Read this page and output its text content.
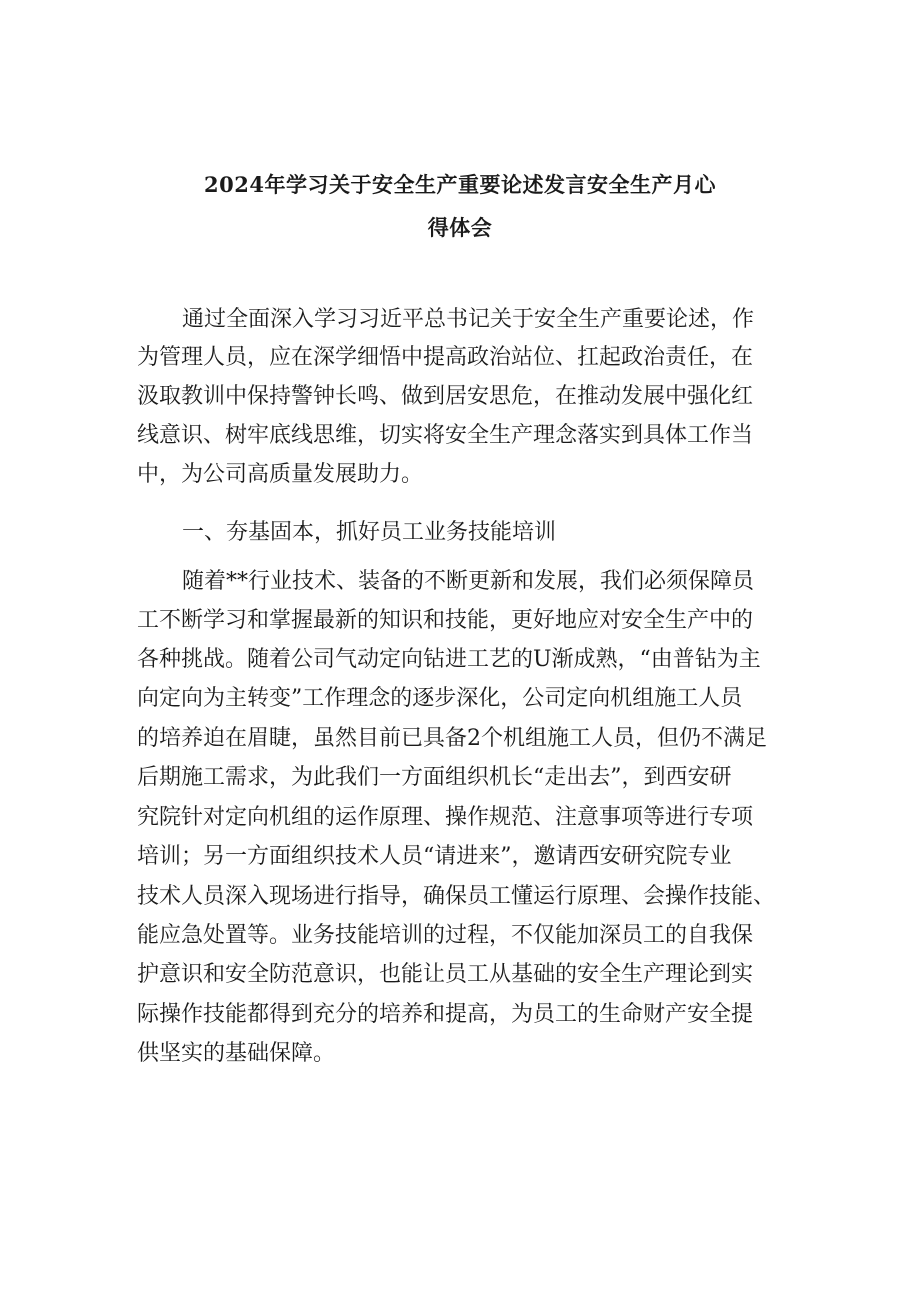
2024年学习关于安全生产重要论述发言安全生产月心
得体会
通过全面深入学习习近平总书记关于安全生产重要论述，作
为管理人员，应在深学细悟中提高政治站位、扛起政治责任，在
汲取教训中保持警钟长鸣、做到居安思危，在推动发展中强化红
线意识、树牢底线思维，切实将安全生产理念落实到具体工作当
中，为公司高质量发展助力。
一、夯基固本，抓好员工业务技能培训
随着**行业技术、装备的不断更新和发展，我们必须保障员
工不断学习和掌握最新的知识和技能，更好地应对安全生产中的
各种挑战。随着公司气动定向钻进工艺的U渐成熟，“由普钻为主
向定向为主转变”工作理念的逐步深化，公司定向机组施工人员
的培养迫在眉睫，虽然目前已具备2个机组施工人员，但仍不满足
后期施工需求，为此我们一方面组织机长“走出去”，到西安研
究院针对定向机组的运作原理、操作规范、注意事项等进行专项
培训；另一方面组织技术人员“请进来”，邀请西安研究院专业
技术人员深入现场进行指导，确保员工懂运行原理、会操作技能、
能应急处置等。业务技能培训的过程，不仅能加深员工的自我保
护意识和安全防范意识，也能让员工从基础的安全生产理论到实
际操作技能都得到充分的培养和提高，为员工的生命财产安全提
供坚实的基础保障。
